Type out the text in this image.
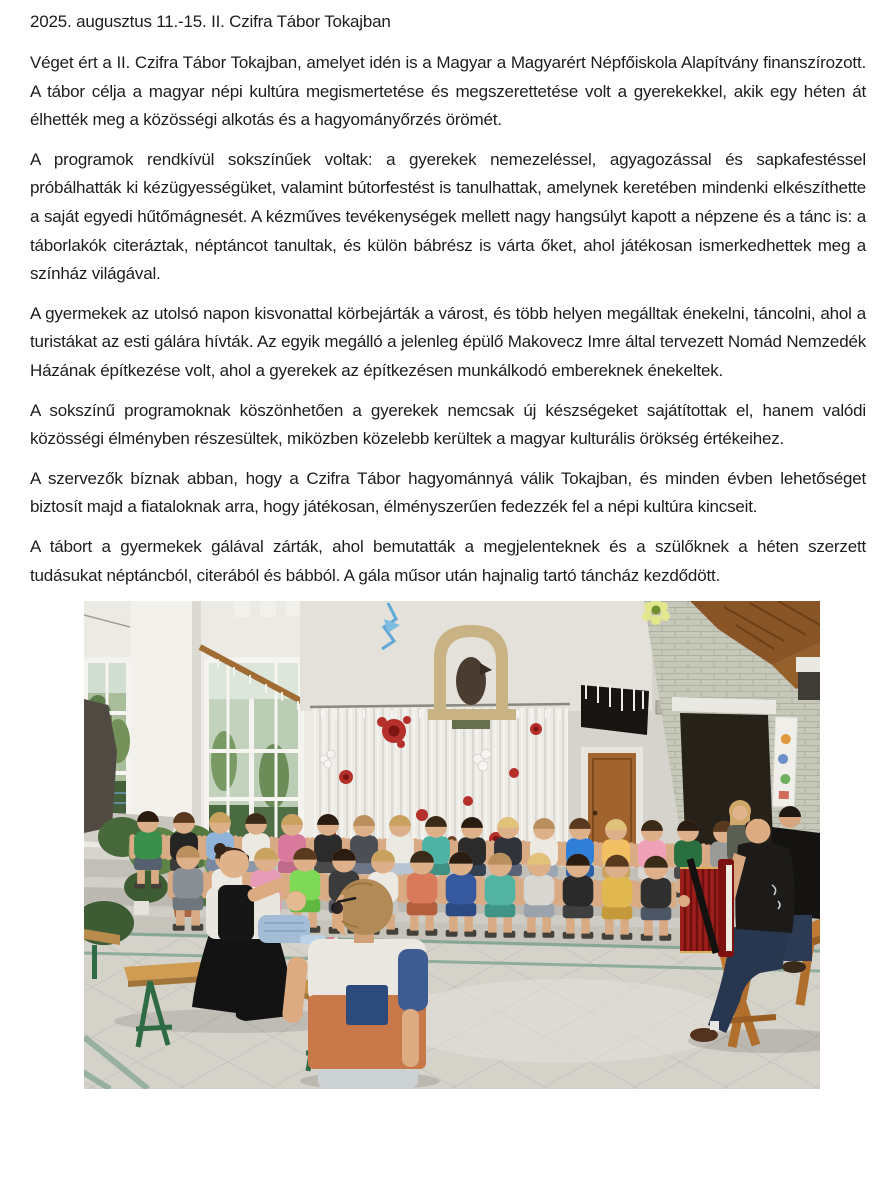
2025. augusztus 11.-15. II. Czifra Tábor Tokajban

Véget ért a II. Czifra Tábor Tokajban, amelyet idén is a Magyar a Magyarért Népfőiskola Alapítvány finanszírozott. A tábor célja a magyar népi kultúra megismertetése és megszerettetése volt a gyerekekkel, akik egy héten át élhették meg a közösségi alkotás és a hagyományőrzés örömét.

A programok rendkívül sokszínűek voltak: a gyerekek nemezeléssel, agyagozással és sapkafestéssel próbálhatták ki kézügyességüket, valamint bútorfestést is tanulhattak, amelynek keretében mindenki elkészíthette a saját egyedi hűtőmágnesét. A kézműves tevékenységek mellett nagy hangsúlyt kapott a népzene és a tánc is: a táborlakók citeráztak, néptáncot tanultak, és külön bábrész is várta őket, ahol játékosan ismerkedhettek meg a színház világával.

A gyermekek az utolsó napon kisvonattal körbejárták a várost, és több helyen megálltak énekelni, táncolni, ahol a turistákat az esti gálára hívták. Az egyik megálló a jelenleg épülő Makovecz Imre által tervezett Nomád Nemzedék Házának építkezése volt, ahol a gyerekek az építkezésen munkálkodó embereknek énekeltek.

A sokszínű programoknak köszönhetően a gyerekek nemcsak új készségeket sajátítottak el, hanem valódi közösségi élményben részesültek, miközben közelebb kerültek a magyar kulturális örökség értékeihez.

A szervezők bíznak abban, hogy a Czifra Tábor hagyománnyá válik Tokajban, és minden évben lehetőséget biztosít majd a fiataloknak arra, hogy játékosan, élményszerűen fedezzék fel a népi kultúra kincseit.

A tábort a gyermekek gálával zárták, ahol bemutatták a megjelenteknek és a szülőknek a héten szerzett tudásukat néptáncból, citerából és bábból. A gála műsor után hajnalig tartó táncház kezdődött.
